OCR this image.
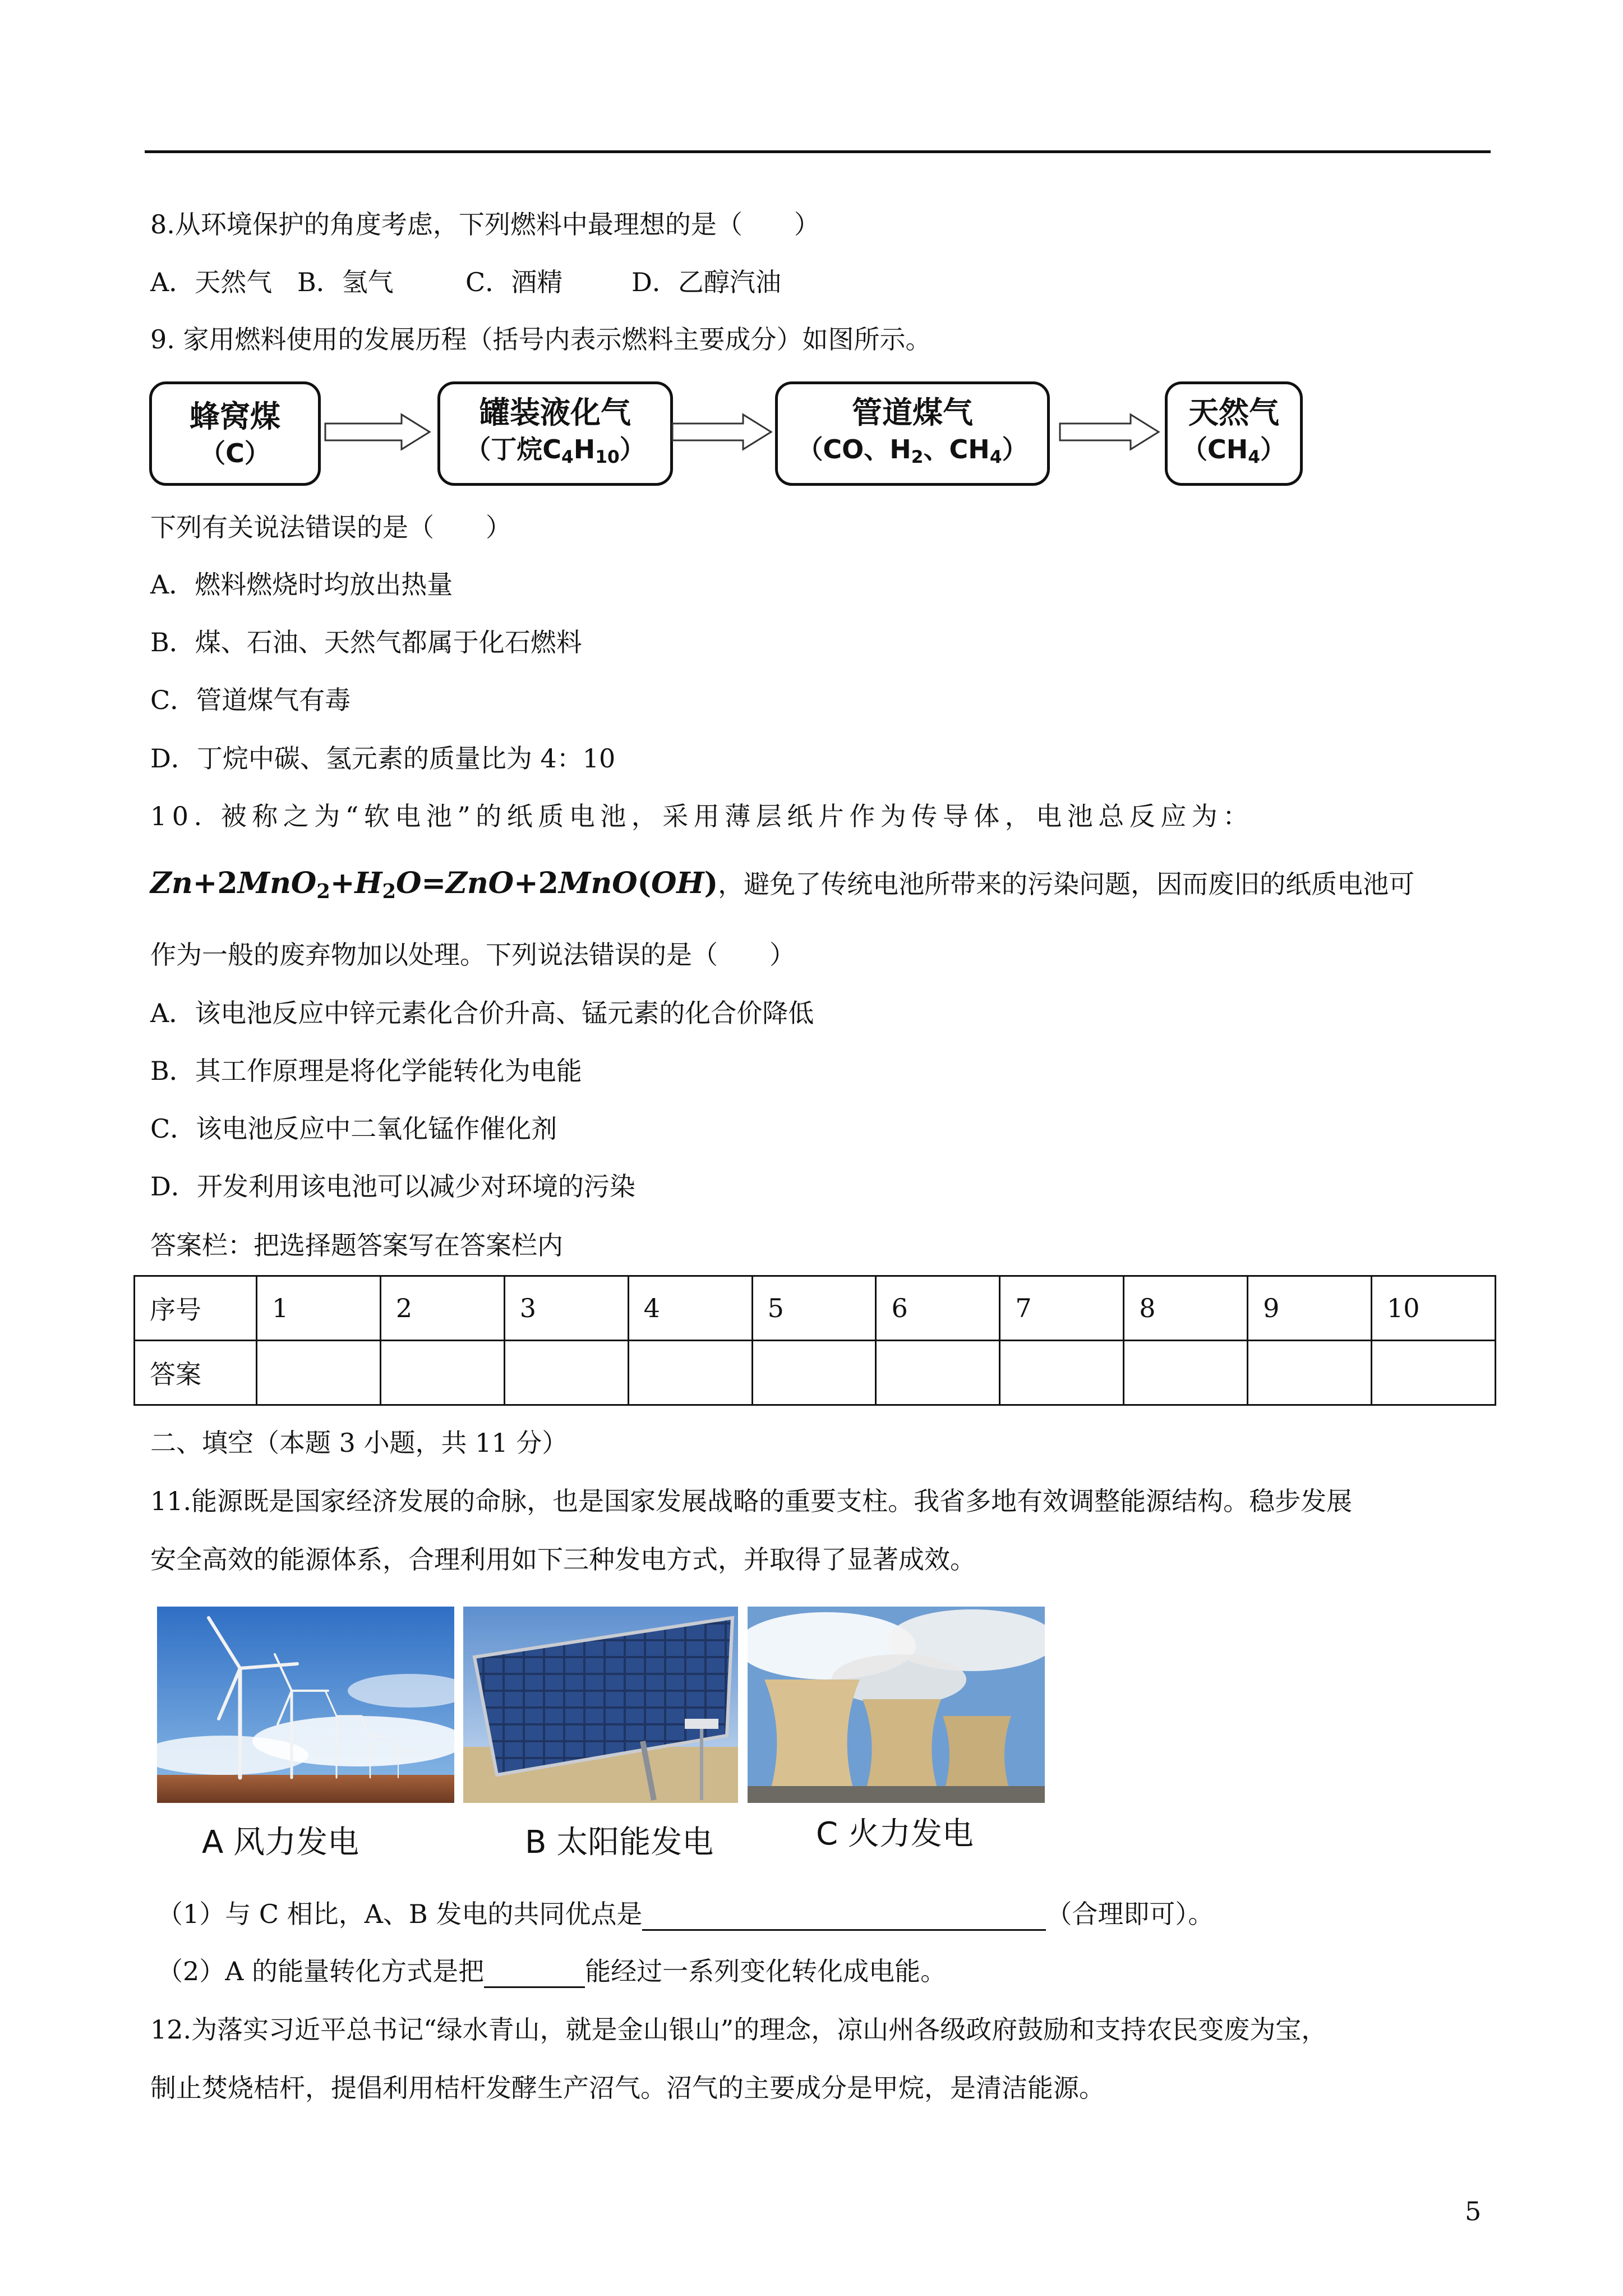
8.从环境保护的角度考虑，下列燃料中最理想的是（　　）
A．天然气 B．氢气	C．酒精	D．乙醇汽油
9. 家用燃料使用的发展历程（括号内表示燃料主要成分）如图所示。
蜂窝煤
（C）
罐装液化气
（丁烷$C_4H_{10}$）
管道煤气
（CO、$H_2$、$CH_4$）
天然气
$(CH_4)$
下列有关说法错误的是（　　）
A．燃料燃烧时均放出热量
B．煤、石油、天然气都属于化石燃料
C．管道煤气有毒
D．丁烷中碳、氢元素的质量比为 4：10
10. 被称之为“软电池”的纸质电池，采用薄层纸片作为传导体，电池总反应为：
$Zn+2MnO_2+H_2O=ZnO+2MnO(OH)$，避免了传统电池所带来的污染问题，因而废旧的纸质电池可
作为一般的废弃物加以处理。下列说法错误的是（　　）
A．该电池反应中锌元素化合价升高、锰元素的化合价降低
B．其工作原理是将化学能转化为电能
C．该电池反应中二氧化锰作催化剂
D．开发利用该电池可以减少对环境的污染
答案栏：把选择题答案写在答案栏内
序号	1	2	3	4	5	6	7	8	9	10
答案										
二、填空（本题 3 小题，共 11 分）
11.能源既是国家经济发展的命脉，也是国家发展战略的重要支柱。我省多地有效调整能源结构。稳步发展
安全高效的能源体系，合理利用如下三种发电方式，并取得了显著成效。
A 风力发电	B 太阳能发电	C 火力发电
（1）与 C 相比，A、B 发电的共同优点是	（合理即可）。
（2）A 的能量转化方式是把	能经过一系列变化转化成电能。
12.为落实习近平总书记“绿水青山，就是金山银山”的理念，凉山州各级政府鼓励和支持农民变废为宝，
制止焚烧桔杆，提倡利用桔杆发酵生产沼气。沼气的主要成分是甲烷，是清洁能源。
5
